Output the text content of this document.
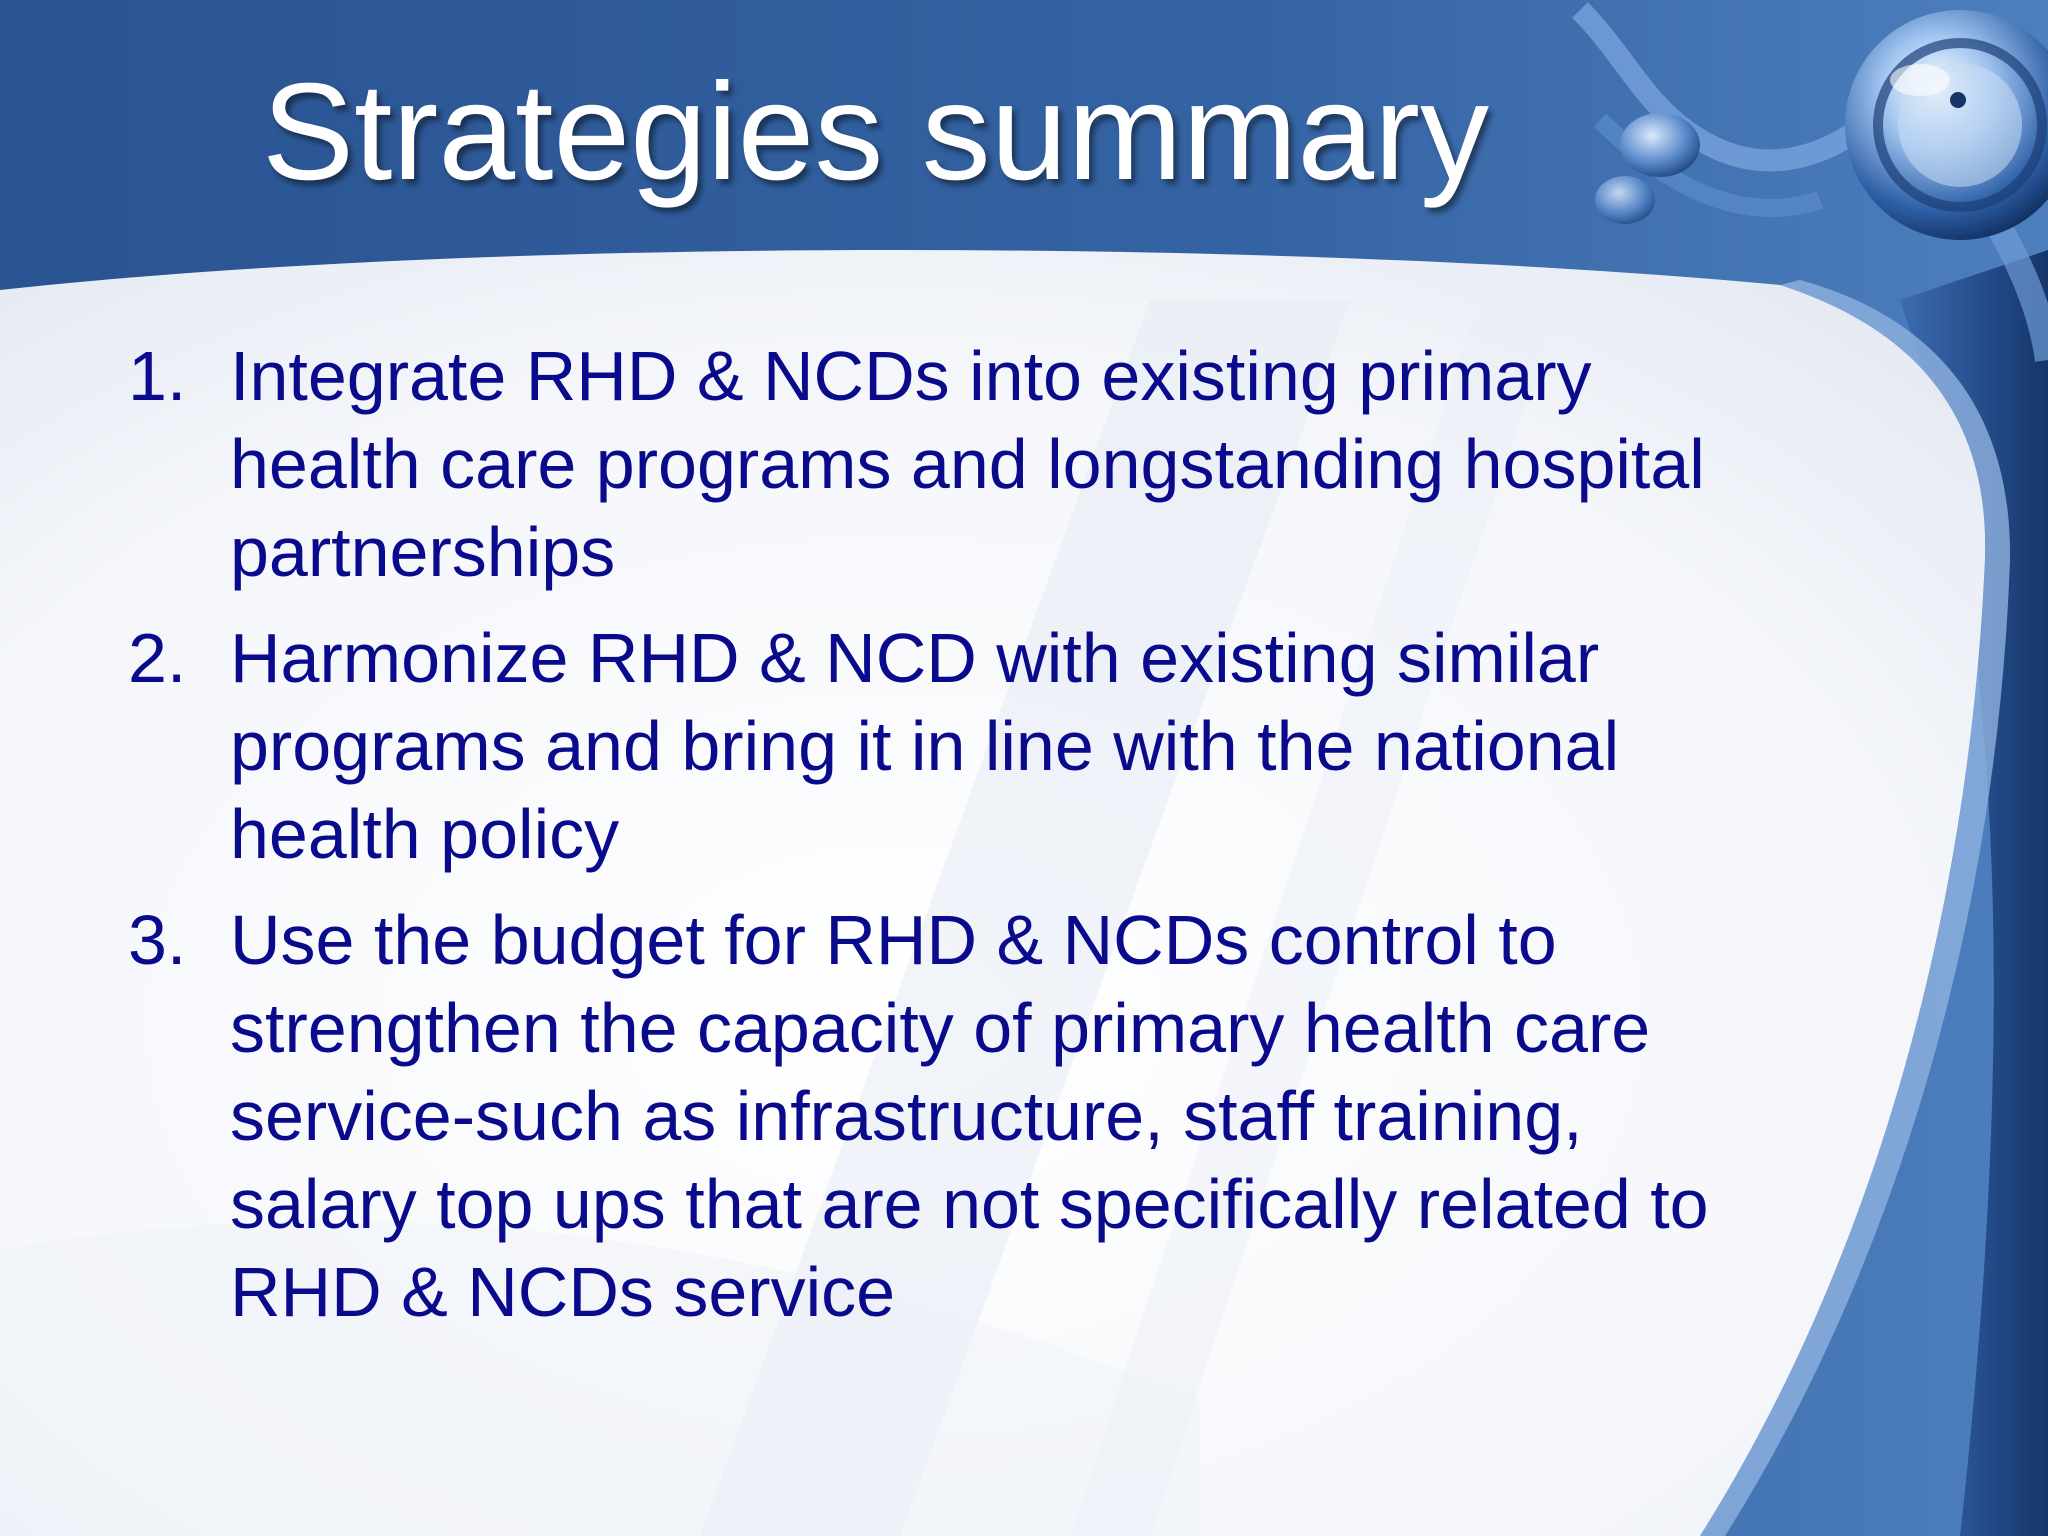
Strategies summary
1. Integrate RHD & NCDs into existing primary
health care programs and longstanding hospital
partnerships
2. Harmonize RHD & NCD with existing similar
programs and bring it in line with the national
health policy
3. Use the budget for RHD & NCDs control to
strengthen the capacity of primary health care
service-such as infrastructure, staff training,
salary top ups that are not specifically related to
RHD & NCDs service
